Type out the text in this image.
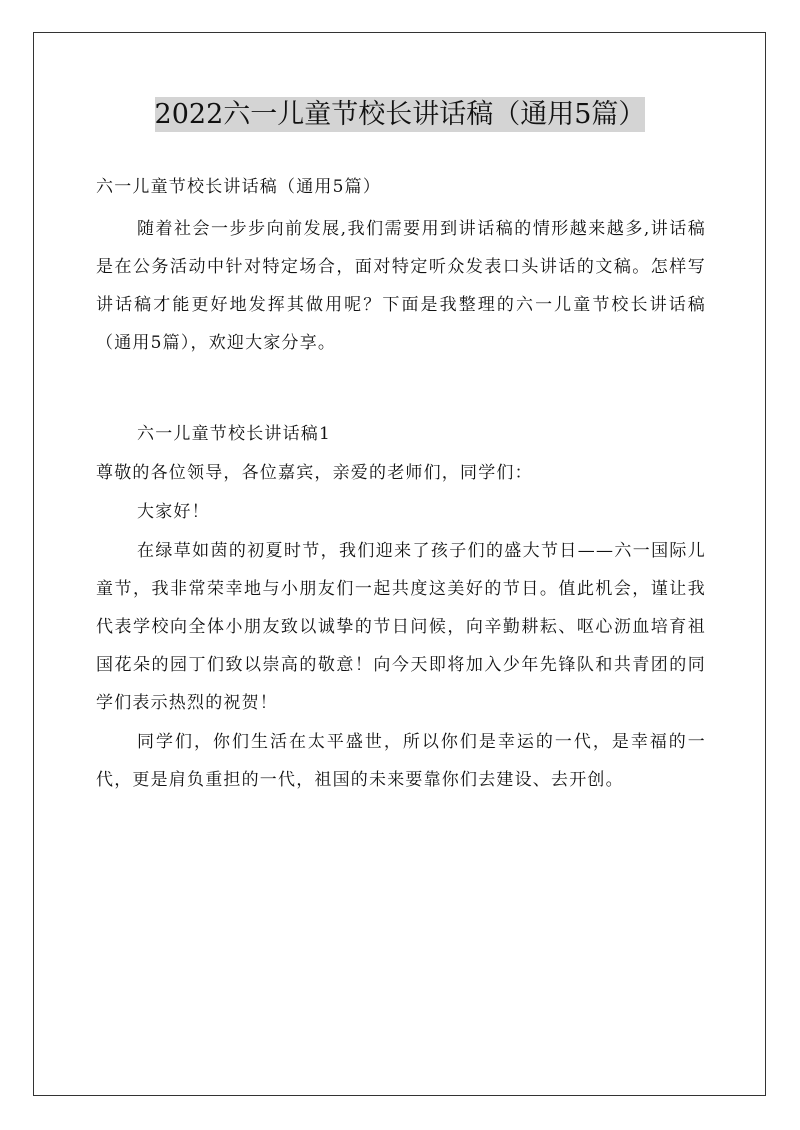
2022六一儿童节校长讲话稿（通用5篇）

六一儿童节校长讲话稿（通用5篇）

随着社会一步步向前发展,我们需要用到讲话稿的情形越来越多,讲话稿是在公务活动中针对特定场合，面对特定听众发表口头讲话的文稿。怎样写讲话稿才能更好地发挥其做用呢？下面是我整理的六一儿童节校长讲话稿（通用5篇），欢迎大家分享。

六一儿童节校长讲话稿1

尊敬的各位领导，各位嘉宾，亲爱的老师们，同学们：

大家好！

在绿草如茵的初夏时节，我们迎来了孩子们的盛大节日——六一国际儿童节，我非常荣幸地与小朋友们一起共度这美好的节日。值此机会，谨让我代表学校向全体小朋友致以诚挚的节日问候，向辛勤耕耘、呕心沥血培育祖国花朵的园丁们致以崇高的敬意！向今天即将加入少年先锋队和共青团的同学们表示热烈的祝贺！

同学们，你们生活在太平盛世，所以你们是幸运的一代，是幸福的一代，更是肩负重担的一代，祖国的未来要靠你们去建设、去开创。
